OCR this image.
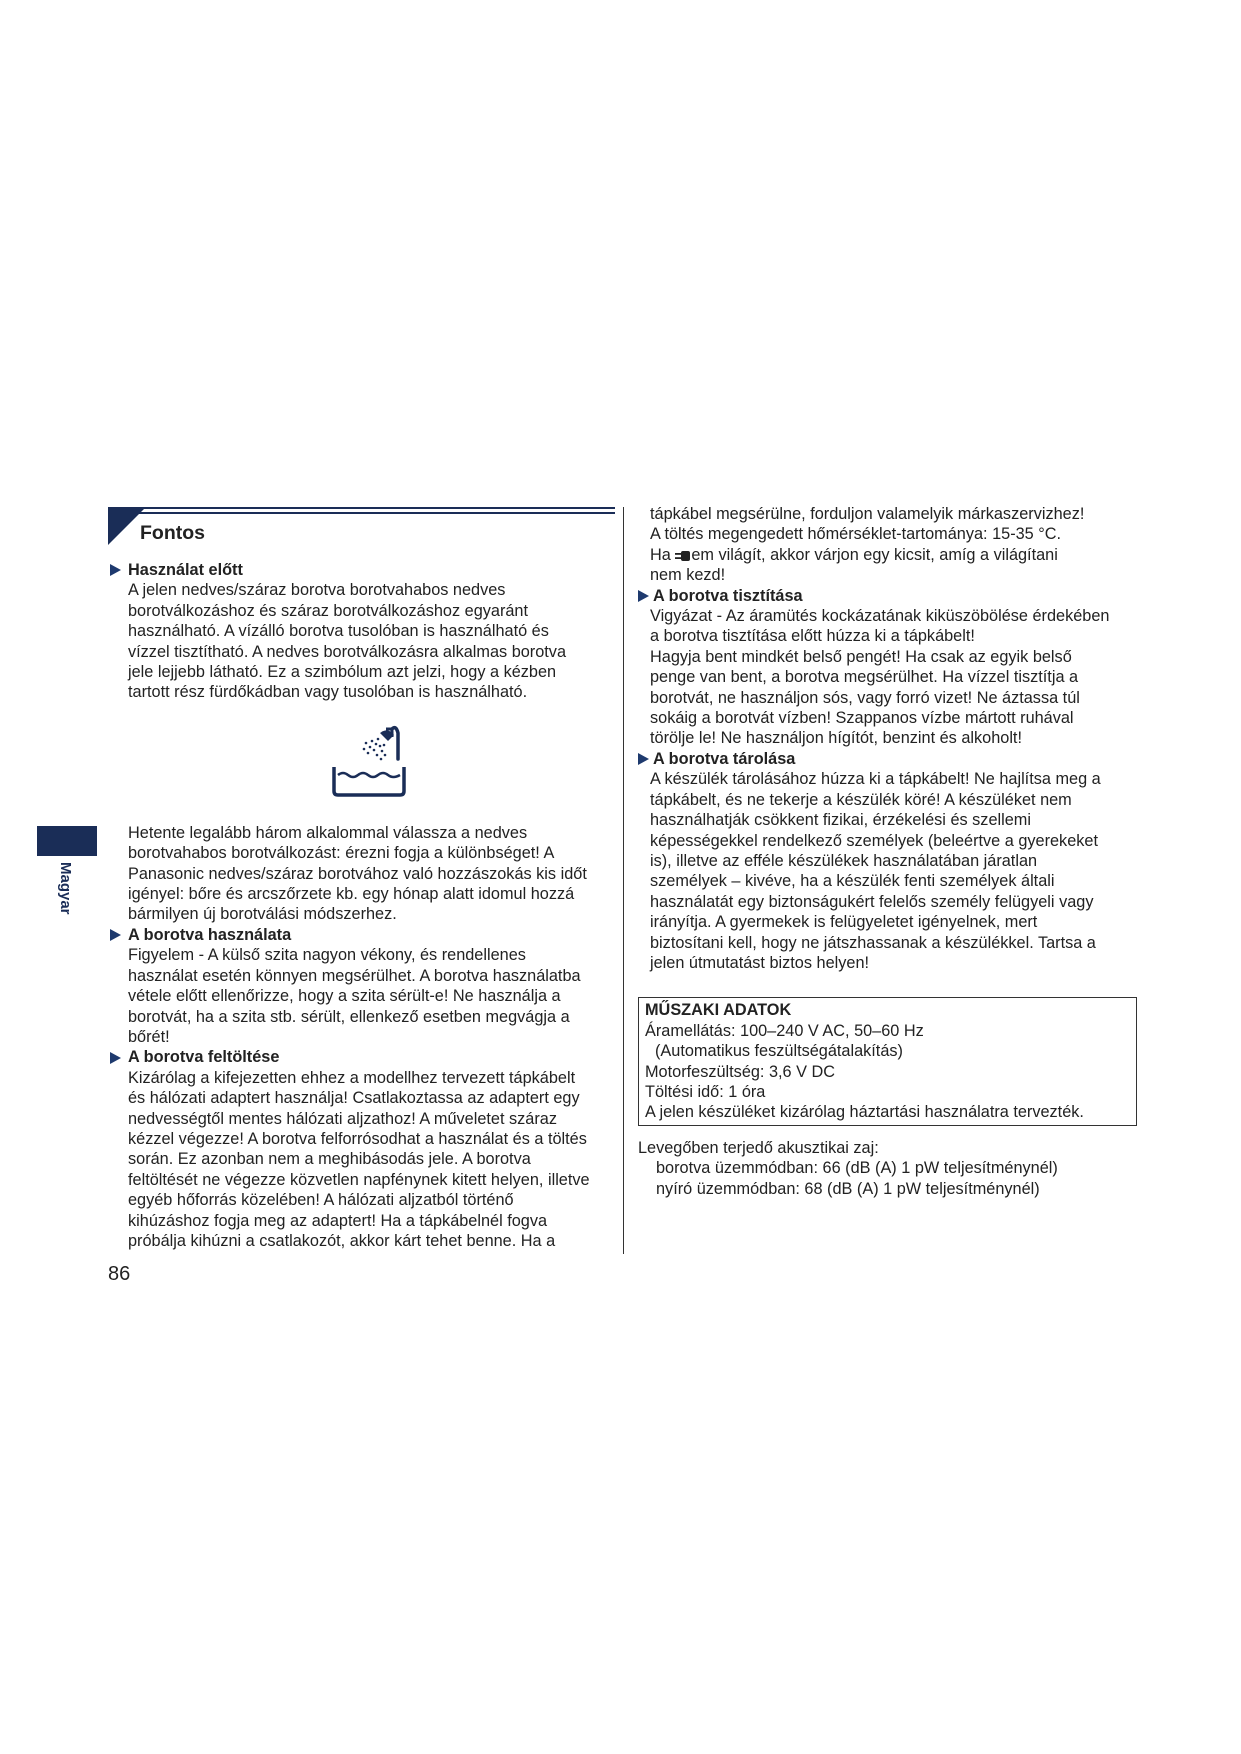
Magyar
Fontos
Használat előtt

A jelen nedves/száraz borotva borotvahabos nedves

borotválkozáshoz és száraz borotválkozáshoz egyaránt

használható. A vízálló borotva tusolóban is használható és

vízzel tisztítható. A nedves borotválkozásra alkalmas borotva

jele lejjebb látható. Ez a szimbólum azt jelzi, hogy a kézben

tartott rész fürdőkádban vagy tusolóban is használható.

Hetente legalább három alkalommal válassza a nedves

borotvahabos borotválkozást: érezni fogja a különbséget! A

Panasonic nedves/száraz borotvához való hozzászokás kis időt

igényel: bőre és arcszőrzete kb. egy hónap alatt idomul hozzá

bármilyen új borotválási módszerhez.

A borotva használata

Figyelem - A külső szita nagyon vékony, és rendellenes

használat esetén könnyen megsérülhet. A borotva használatba

vétele előtt ellenőrizze, hogy a szita sérült-e! Ne használja a

borotvát, ha a szita stb. sérült, ellenkező esetben megvágja a

bőrét!

A borotva feltöltése

Kizárólag a kifejezetten ehhez a modellhez tervezett tápkábelt

és hálózati adaptert használja! Csatlakoztassa az adaptert egy

nedvességtől mentes hálózati aljzathoz! A műveletet száraz

kézzel végezze! A borotva felforrósodhat a használat és a töltés

során. Ez azonban nem a meghibásodás jele. A borotva

feltöltését ne végezze közvetlen napfénynek kitett helyen, illetve

egyéb hőforrás közelében! A hálózati aljzatból történő

kihúzáshoz fogja meg az adaptert! Ha a tápkábelnél fogva

próbálja kihúzni a csatlakozót, akkor kárt tehet benne. Ha a

tápkábel megsérülne, forduljon valamelyik márkaszervizhez!

A töltés megengedett hőmérséklet-tartománya: 15-35 °C.

Ha em világít, akkor várjon egy kicsit, amíg a világítani

nem kezd!

A borotva tisztítása

Vigyázat - Az áramütés kockázatának kiküszöbölése érdekében

a borotva tisztítása előtt húzza ki a tápkábelt!

Hagyja bent mindkét belső pengét! Ha csak az egyik belső

penge van bent, a borotva megsérülhet. Ha vízzel tisztítja a

borotvát, ne használjon sós, vagy forró vizet! Ne áztassa túl

sokáig a borotvát vízben! Szappanos vízbe mártott ruhával

törölje le! Ne használjon hígítót, benzint és alkoholt!

A borotva tárolása

A készülék tárolásához húzza ki a tápkábelt! Ne hajlítsa meg a

tápkábelt, és ne tekerje a készülék köré! A készüléket nem

használhatják csökkent fizikai, érzékelési és szellemi

képességekkel rendelkező személyek (beleértve a gyerekeket

is), illetve az efféle készülékek használatában járatlan

személyek – kivéve, ha a készülék fenti személyek általi

használatát egy biztonságukért felelős személy felügyeli vagy

irányítja. A gyermekek is felügyeletet igényelnek, mert

biztosítani kell, hogy ne játszhassanak a készülékkel. Tartsa a

jelen útmutatást biztos helyen!

MŰSZAKI ADATOK

Áramellátás: 100–240 V AC, 50–60 Hz

(Automatikus feszültségátalakítás)

Motorfeszültség: 3,6 V DC

Töltési idő: 1 óra

A jelen készüléket kizárólag háztartási használatra tervezték.

Levegőben terjedő akusztikai zaj:

borotva üzemmódban: 66 (dB (A) 1 pW teljesítménynél)

nyíró üzemmódban: 68 (dB (A) 1 pW teljesítménynél)

86
